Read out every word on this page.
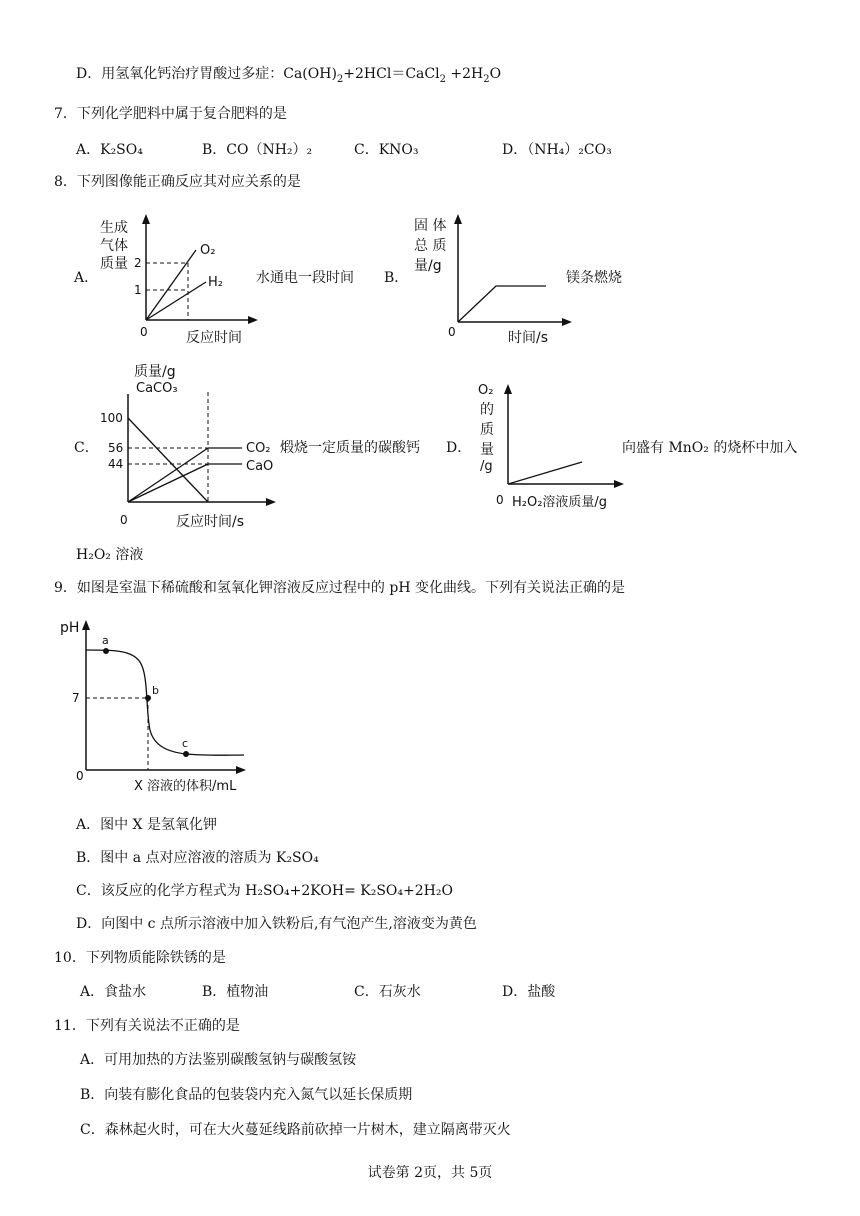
D．用氢氧化钙治疗胃酸过多症：$Ca(OH)_2+2HCl=CaCl_2 +2H_2O$
7．下列化学肥料中属于复合肥料的是
A．K₂SO₄	B．CO（NH₂）₂	C．KNO₃	D．（NH₄）₂CO₃
8．下列图像能正确反应其对应关系的是
A．
生成
气体
质量 2
1
0
O₂
H₂
反应时间
水通电一段时间 B．
固 体
总 质
量/g
0	时间/s
镁条燃烧
C．
质量/g
CaCO₃
100
56
44
0
CO₂
CaO
反应时间/s
煅烧一定质量的碳酸钙 D．
O₂
的
质
量
/g
0 H₂O₂溶液质量/g
向盛有 MnO₂ 的烧杯中加入
H₂O₂ 溶液
9．如图是室温下稀硫酸和氢氧化钾溶液反应过程中的 pH 变化曲线。下列有关说法正确的是
pH
a
b
c
7
0
X 溶液的体积/mL
A．图中 X 是氢氧化钾
B．图中 a 点对应溶液的溶质为 K₂SO₄
C．该反应的化学方程式为 H₂SO₄+2KOH= K₂SO₄+2H₂O
D．向图中 c 点所示溶液中加入铁粉后,有气泡产生,溶液变为黄色
10．下列物质能除铁锈的是
A．食盐水	B．植物油	C．石灰水	D．盐酸
11．下列有关说法不正确的是
A．可用加热的方法鉴别碳酸氢钠与碳酸氢铵
B．向装有膨化食品的包装袋内充入氮气以延长保质期
C．森林起火时，可在大火蔓延线路前砍掉一片树木，建立隔离带灭火
试卷第 2页，共 5页
